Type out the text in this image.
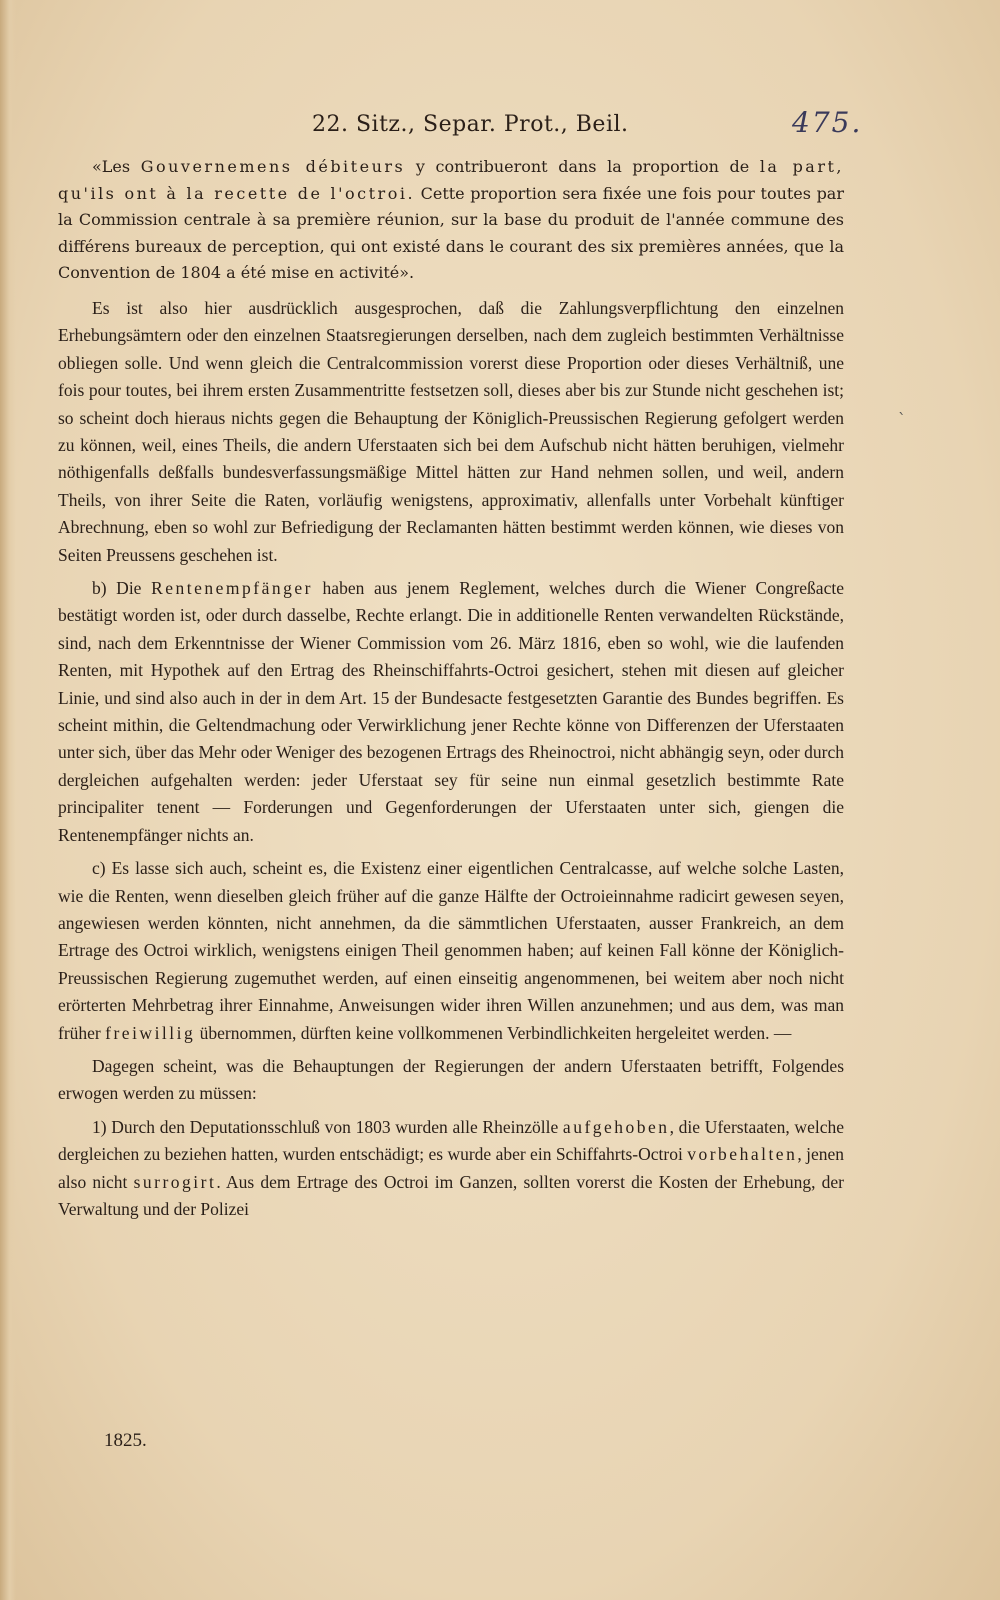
22. Sitz., Separ. Prot., Beil.	475.
ˋ

«Les Gouvernemens débiteurs y contribueront dans la proportion de la part, qu'ils ont à la recette de l'octroi. Cette proportion sera fixée une fois pour toutes par la Commission centrale à sa première réunion, sur la base du produit de l'année commune des différens bureaux de perception, qui ont existé dans le courant des six premières années, que la Convention de 1804 a été mise en activité».

Es ist also hier ausdrücklich ausgesprochen, daß die Zahlungsverpflichtung den einzelnen Erhebungsämtern oder den einzelnen Staatsregierungen derselben, nach dem zugleich bestimmten Verhältnisse obliegen solle. Und wenn gleich die Centralcommission vorerst diese Proportion oder dieses Verhältniß, une fois pour toutes, bei ihrem ersten Zusammentritte festsetzen soll, dieses aber bis zur Stunde nicht geschehen ist; so scheint doch hieraus nichts gegen die Behauptung der Königlich-Preussischen Regierung gefolgert werden zu können, weil, eines Theils, die andern Uferstaaten sich bei dem Aufschub nicht hätten beruhigen, vielmehr nöthigenfalls deßfalls bundesverfassungsmäßige Mittel hätten zur Hand nehmen sollen, und weil, andern Theils, von ihrer Seite die Raten, vorläufig wenigstens, approximativ, allenfalls unter Vorbehalt künftiger Abrechnung, eben so wohl zur Befriedigung der Reclamanten hätten bestimmt werden können, wie dieses von Seiten Preussens geschehen ist.

b) Die Rentenempfänger haben aus jenem Reglement, welches durch die Wiener Congreßacte bestätigt worden ist, oder durch dasselbe, Rechte erlangt. Die in additionelle Renten verwandelten Rückstände, sind, nach dem Erkenntnisse der Wiener Commission vom 26. März 1816, eben so wohl, wie die laufenden Renten, mit Hypothek auf den Ertrag des Rheinschiffahrts-Octroi gesichert, stehen mit diesen auf gleicher Linie, und sind also auch in der in dem Art. 15 der Bundesacte festgesetzten Garantie des Bundes begriffen. Es scheint mithin, die Geltendmachung oder Verwirklichung jener Rechte könne von Differenzen der Uferstaaten unter sich, über das Mehr oder Weniger des bezogenen Ertrags des Rheinoctroi, nicht abhängig seyn, oder durch dergleichen aufgehalten werden: jeder Uferstaat sey für seine nun einmal gesetzlich bestimmte Rate principaliter tenent — Forderungen und Gegenforderungen der Uferstaaten unter sich, giengen die Rentenempfänger nichts an.

c) Es lasse sich auch, scheint es, die Existenz einer eigentlichen Centralcasse, auf welche solche Lasten, wie die Renten, wenn dieselben gleich früher auf die ganze Hälfte der Octroieinnahme radicirt gewesen seyen, angewiesen werden könnten, nicht annehmen, da die sämmtlichen Uferstaaten, ausser Frankreich, an dem Ertrage des Octroi wirklich, wenigstens einigen Theil genommen haben; auf keinen Fall könne der Königlich-Preussischen Regierung zugemuthet werden, auf einen einseitig angenommenen, bei weitem aber noch nicht erörterten Mehrbetrag ihrer Einnahme, Anweisungen wider ihren Willen anzunehmen; und aus dem, was man früher freiwillig übernommen, dürften keine vollkommenen Verbindlichkeiten hergeleitet werden. —

Dagegen scheint, was die Behauptungen der Regierungen der andern Uferstaaten betrifft, Folgendes erwogen werden zu müssen:

1) Durch den Deputationsschluß von 1803 wurden alle Rheinzölle aufgehoben, die Uferstaaten, welche dergleichen zu beziehen hatten, wurden entschädigt; es wurde aber ein Schiffahrts-Octroi vorbehalten, jenen also nicht surrogirt. Aus dem Ertrage des Octroi im Ganzen, sollten vorerst die Kosten der Erhebung, der Verwaltung und der Polizei

1825.
